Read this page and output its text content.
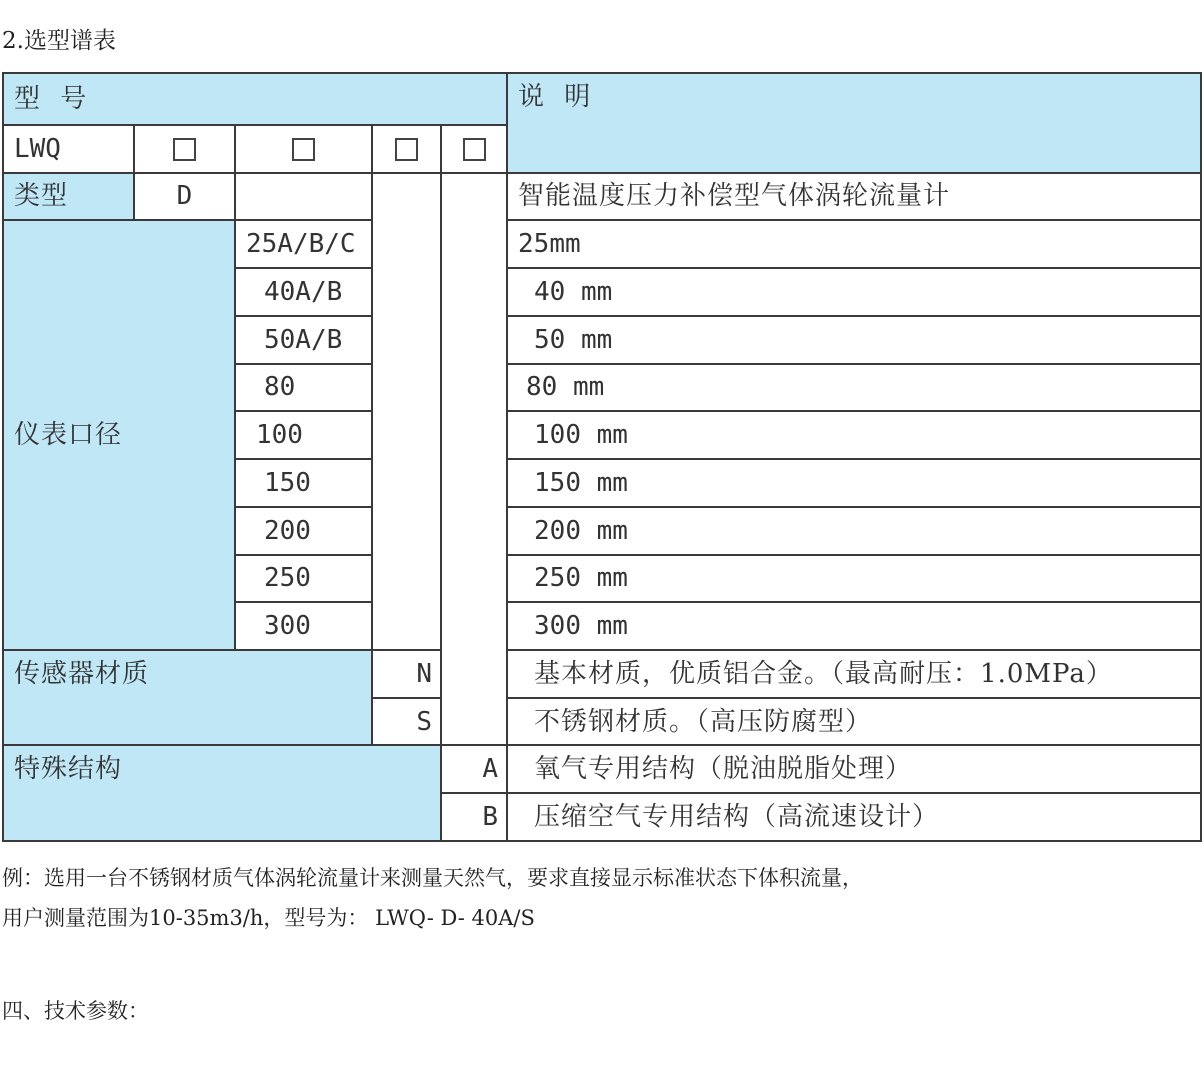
2.选型谱表
型 号					说 明
LWQ					
类型	D				智能温度压力补偿型气体涡轮流量计
仪表口径		25A/B/C			25mm
		40A/B			40 mm
		50A/B			50 mm
		80			80 mm
		100			100 mm
		150			150 mm
		200			200 mm
		250			250 mm
		300			300 mm
传感器材质			N		基本材质，优质铝合金。（最高耐压：1.0MPa）
			S		不锈钢材质。（高压防腐型）
特殊结构				A	氧气专用结构（脱油脱脂处理）
				B	压缩空气专用结构（高流速设计）
例：选用一台不锈钢材质气体涡轮流量计来测量天然气，要求直接显示标准状态下体积流量，
用户测量范围为10-35m3/h，型号为： LWQ- D- 40A/S
四、技术参数：
